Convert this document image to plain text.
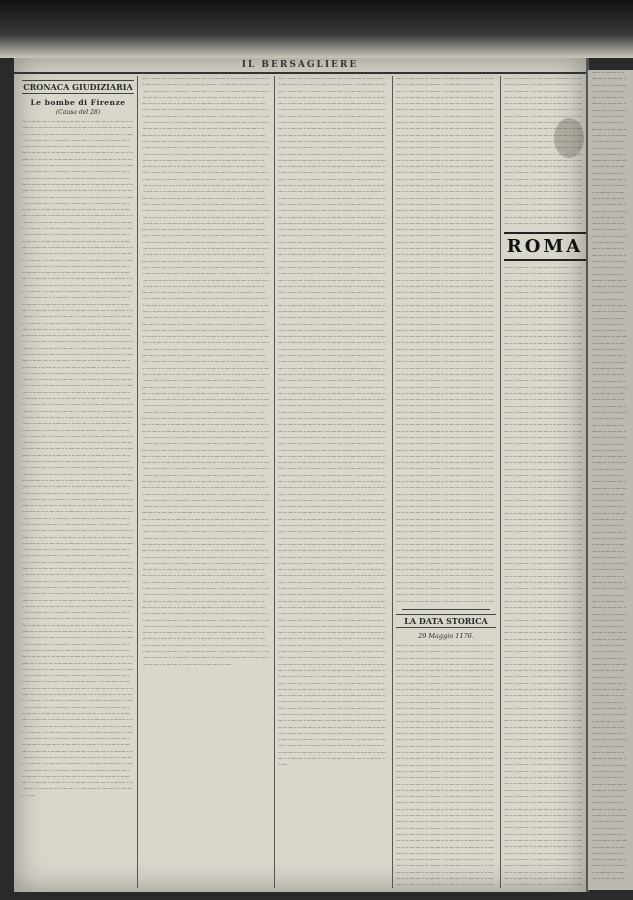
IL BERSAGLIERE
CRONACA GIUDIZIARIA
Le bombe di Firenze
(Causa del 28)
— – ‒ ― — – ‒ ― — – ‒ ― — – ‒ ― — – ‒ ― — – ‒ ― — – ‒ ― — – ‒ ― — – ‒ ― — – ‒ ― — – ‒ ― — – ‒ ― — – ‒ ― — – ‒ ― — – ‒ ― — – ‒ ― — – ‒ ― — – ‒ ― — – ‒ ― — – ‒ ― — – ‒ ― — – ‒ ― — – ‒ ― — – ‒ ― — – ‒ ― — – ‒ ― — – ‒ ― — – ‒ ― — – ‒ ― — – ‒ ― — – ‒ ― — – ‒ ― — – ‒ ― — – ‒ ― — – ‒ ― — – ‒ ― — – ‒ ― — – ‒ ― — – ‒ ― — – ‒ ― — – ‒ ― — – ‒ ― — – ‒ ― — – ‒ ― — – ‒ ― — – ‒ ― — – ‒ ― — – ‒ ― — – ‒ ― — – ‒ ― — – ‒ ― — – ‒ ― — – ‒ ― — – ‒ ― — – ‒ ― — – ‒ ― — – ‒ ― — – ‒ ― — – ‒ ― — – ‒ ― — – ‒ ― — – ‒ ― — – ‒ ― — – ‒ ― — – ‒ ― — – ‒ ― — – ‒ ― — – ‒ ― — – ‒ ― — – ‒ ― — – ‒ ― — – ‒ ― — – ‒ ― — – ‒ ― — – ‒ ― — – ‒ ― — – ‒ ― — – ‒ ― — – ‒ ― — – ‒ ― — – ‒ ― — – ‒ ― — – ‒ ― — – ‒ ― — – ‒ ― — – ‒ ― — – ‒ ― — – ‒ ― — – ‒ ― — – ‒ ― — – ‒ ― — – ‒ ― — – ‒ ― — – ‒ ― — – ‒ ― — – ‒ ― — – ‒ ― — – ‒ ― — – ‒ ― — – ‒ ― — – ‒ ― — – ‒ ― — – ‒ ― — – ‒ ― — – ‒ ― — – ‒ ― — – ‒ ― — – ‒ ― — – ‒ ― — – ‒ ― — – ‒ ― — – ‒ ― — – ‒ ― — – ‒ ― — – ‒ ― — – ‒ ― — – ‒ ― — – ‒ ― — – ‒ ― — – ‒ ― — – ‒ ― — – ‒ ― — – ‒ ― — – ‒ ― — – ‒ ― — – ‒ ― — – ‒ ― — – ‒ ― — – ‒ ― — – ‒ ― — – ‒ ― — – ‒ ― — – ‒ ― — – ‒ ― — – ‒ ― — – ‒ ― — – ‒ ― — – ‒ ― — – ‒ ― — – ‒ ― — – ‒ ― — – ‒ ― — – ‒ ― — – ‒ ― — – ‒ ― — – ‒ ― — – ‒ ― — – ‒ ― — – ‒ ― — – ‒ ― — – ‒ ― — – ‒ ― — – ‒ ― — – ‒ ― — – ‒ ― — – ‒ ― — – ‒ ― — – ‒ ― — – ‒ ― — – ‒ ― — – ‒ ― — – ‒ ― — – ‒ ― — – ‒ ― — – ‒ ― — – ‒ ― — – ‒ ― — – ‒ ― — – ‒ ― — – ‒ ― — – ‒ ― — – ‒ ― — – ‒ ― — – ‒ ― — – ‒ ― — – ‒ ― — – ‒ ― — – ‒ ― — – ‒ ― — – ‒ ― — – ‒ ― — – ‒ ― — – ‒ ― — – ‒ ― — – ‒ ― — – ‒ ― — – ‒ ― — – ‒ ― — – ‒ ― — – ‒ ― — – ‒ ― — – ‒ ― — – ‒ ― — – ‒ ― — – ‒ ― — – ‒ ― — – ‒ ― — – ‒ ― — – ‒ ― — – ‒ ― — – ‒ ― — – ‒ ― — – ‒ ― — – ‒ ― — – ‒ ― — – ‒ ― — – ‒ ― — – ‒ ― — – ‒ ― — – ‒ ― — – ‒ ― — – ‒ ― — – ‒ ― — – ‒ ― — – ‒ ― — – ‒ ― — – ‒ ― — – ‒ ― — – ‒ ― — – ‒ ― — – ‒ ― — – ‒ ― — – ‒ ― — – ‒ ― — – ‒ ― — – ‒ ― — – ‒ ― — – ‒ ― — – ‒ ― — – ‒ ― — – ‒ ― — – ‒ ― — – ‒ ― — – ‒ ― — – ‒ ― — – ‒ ― — – ‒ ― — – ‒ ― — – ‒ ― — – ‒ ― — – ‒ ― — – ‒ ― — – ‒ ― — – ‒ ― — – ‒ ― — – ‒ ― — – ‒ ― — – ‒ ― — – ‒ ― — – ‒ ― — – ‒ ― — – ‒ ― — – ‒ ― — – ‒ ― — – ‒ ― — – ‒ ― — – ‒ ― — – ‒ ― — – ‒ ― — – ‒ ― — – ‒ ― — – ‒ ― — – ‒ ― — – ‒ ― — – ‒ ― — – ‒ ― — – ‒ ― — – ‒ ― — – ‒ ― — – ‒ ― — – ‒ ― — – ‒ ― — – ‒ ― — – ‒ ― — – ‒ ― — – ‒ ― — – ‒ ― — – ‒ ― — – ‒ ― — – ‒ ― — – ‒ ― — – ‒ ― — – ‒ ― — – ‒ ― — – ‒ ― — – ‒ ― — – ‒ ― — – ‒ ― — – ‒ ― — – ‒ ― — – ‒ ― — – ‒ ― — – ‒ ― — – ‒ ― — – ‒ ― — – ‒ ― — – ‒ ― — – ‒ ― — – ‒ ― — – ‒ ― — – ‒ ― — – ‒ ― — – ‒ ― — – ‒ ― — – ‒ ― — – ‒ ― — – ‒ ― — – ‒ ― — – ‒ ― — – ‒ ― — – ‒ ― — – ‒ ― — – ‒ ― — – ‒ ― — – ‒ ― — – ‒ ― — – ‒ ― — – ‒ ― — – ‒ ― — – ‒ ― — – ‒ ― — – ‒ ― — – ‒ ― — – ‒ ― — – ‒ ― — – ‒ ― — – ‒ ― — – ‒ ― — – ‒ ― — – ‒ ― — – ‒ ― — – ‒ ― — – ‒ ― — – ‒ ― — – ‒ ― — – ‒ ― — – ‒ ― — – ‒ ― — – ‒ ― — – ‒ ― — – ‒ ― — – ‒ ― — – ‒ ― — – ‒ ― — – ‒ ― — – ‒ ― — – ‒ ― — – ‒ ― — – ‒ ― — – ‒ ― — – ‒ ― — – ‒ ― — – ‒ ― — – ‒ ― — – ‒ ― — – ‒ ― — – ‒ ― — – ‒ ― — – ‒ ― — – ‒ ― — – ‒ ― — – ‒ ― — – ‒ ― — – ‒ ― — – ‒ ― — – ‒ ― — – ‒ ― — – ‒ ― — – ‒ ― — – ‒ ― — – ‒ ― — – ‒ ― — – ‒ ― — – ‒ ― — – ‒ ― — – ‒ ― — – ‒ ― — – ‒ ― — – ‒ ― — – ‒ ― — – ‒ ― — – ‒ ― — – ‒ ― — – ‒ ― — – ‒ ― — – ‒ ― — – ‒ ― — – ‒ ― — – ‒ ― — – ‒ ― — – ‒ ― — – ‒ ― — – ‒ ― — – ‒ ― — – ‒ ― — – ‒ ― — – ‒ ― — – ‒ ― — – ‒ ― — – ‒ ― — – ‒ ― — – ‒ ― — – ‒ ― — – ‒ ― — – ‒ ― — – ‒ ― — – ‒ ― — – ‒ ― — – ‒ ― — – ‒ ― — – ‒ ― — – ‒ ― — – ‒ ― — – ‒ ― — – ‒ ― — – ‒ ― — – ‒ ― — – ‒ ― — – ‒ ― — – ‒ ― — – ‒ ― — – ‒ ― — – ‒ ― — – ‒ ― — – ‒ ― — – ‒ ― — – ‒ ― — – ‒ ― — – ‒ ― — – ‒ ― — – ‒ ― — – ‒ ― — – ‒ ― — – ‒ ― — – ‒ ― — – ‒ ― — – ‒ ― — – ‒ ― — – ‒ ― — – ‒ ― — – ‒ ― — – ‒ ― — – ‒ ― — – ‒ ― — – ‒ ― — – ‒ ― — – ‒ ― — – ‒ ― — – ‒ ― — – ‒ ― — – ‒ ― — – ‒ ― — – ‒ ― — – ‒ ― — – ‒ ― — – ‒ ― — – ‒ ― — – ‒ ― — – ‒ ― — – ‒ ― — – ‒ ― — – ‒ ― — – ‒ ― — – ‒ ― — – ‒ ― — – ‒ ― — – ‒ ― — – ‒ ― — – ‒ ― — – ‒ ― — – ‒ ― — – ‒ ― — – ‒ ― — – ‒ ― — – ‒ ― — – ‒ ― — – ‒ ― — – ‒ ― — – ‒ ― — – ‒ ― — – ‒ ― — – ‒ ― — – ‒ ― — – ‒ ― — – ‒ ― — – ‒ ― — – ‒ ― — – ‒ ― — – ‒ ― — – ‒ ― — – ‒ ― — – ‒ ― — – ‒ ― — – ‒ ― — – ‒ ― — – ‒ ― — – ‒ ― — – ‒ ― — – ‒ ― — – ‒ ― — – ‒ ― — – ‒ ― — – ‒ ― — – ‒ ― — – ‒ ― — – ‒ ― — – ‒ ― — – ‒ ― — – ‒ ― — – ‒ ― — – ‒ ― — – ‒ ― — – ‒ ― — – ‒ ― — – ‒ ― — – ‒ ― — – ‒ ― — – ‒ ― — – ‒ ― — – ‒ ― — – ‒ ― — – ‒ ― — – ‒ ― — – ‒ ― — – ‒ ― — – ‒ ― — – ‒ ― — – ‒ ― — – ‒ ― — – ‒ ― — – ‒ ― — – ‒ ― — – ‒ ― — – ‒ ― — – ‒ ― — – ‒ ― — – ‒ ― — – ‒ ― — – ‒ ― — – ‒ ― — – ‒ ― — – ‒ ― — – ‒ ― — – ‒ ― — – ‒ ― — – ‒ ― — – ‒ ― — – ‒ ― — – ‒ ― — – ‒ ― — – ‒ ― — – ‒ ― — – ‒ ― — – ‒ ― — – ‒ ― — – ‒ ― — – ‒ ― — – ‒ ― — – ‒ ― — – ‒ ― — – ‒ ― — – ‒ ― — – ‒ ― — – ‒ ― — – ‒ ― — – ‒ ― — – ‒ ― — – ‒ ― — – ‒ ― — – ‒ ― — – ‒ ― — – ‒ ― — – ‒ ― — – ‒ ― — – ‒ ― — – ‒ ― — – ‒ ― — – ‒ ― — – ‒ ― — – ‒ ― — – ‒ ― — – ‒ ― — – ‒ ― — – ‒ ― — – ‒ ― — – ‒ ― — – ‒ ― — – ‒ ― — – ‒ ― — – ‒ ― — – ‒ ― — – ‒ ― — – ‒ ― — – ‒ ― — – ‒ ― — – ‒ ― — – ‒ ― — – ‒ ― — – ‒ ― — – ‒ ― 
— – ‒ ― — – ‒ ― — – ‒ ― — – ‒ ― — – ‒ ― — – ‒ ― — – ‒ ― — – ‒ ― — – ‒ ― — – ‒ ― — – ‒ ― — – ‒ ― — – ‒ ― — – ‒ ― — – ‒ ― — – ‒ ― — – ‒ ― — – ‒ ― — – ‒ ― — – ‒ ― — – ‒ ― — – ‒ ― — – ‒ ― — – ‒ ― — – ‒ ― — – ‒ ― — – ‒ ― — – ‒ ― — – ‒ ― — – ‒ ― — – ‒ ― — – ‒ ― — – ‒ ― — – ‒ ― — – ‒ ― — – ‒ ― — – ‒ ― — – ‒ ― — – ‒ ― — – ‒ ― — – ‒ ― — – ‒ ― — – ‒ ― — – ‒ ― — – ‒ ― — – ‒ ― — – ‒ ― — – ‒ ― — – ‒ ― — – ‒ ― — – ‒ ― — – ‒ ― — – ‒ ― — – ‒ ― — – ‒ ― — – ‒ ― — – ‒ ― — – ‒ ― — – ‒ ― — – ‒ ― — – ‒ ― — – ‒ ― — – ‒ ― — – ‒ ― — – ‒ ― — – ‒ ― — – ‒ ― — – ‒ ― — – ‒ ― — – ‒ ― — – ‒ ― — – ‒ ― — – ‒ ― — – ‒ ― — – ‒ ― — – ‒ ― — – ‒ ― — – ‒ ― — – ‒ ― — – ‒ ― — – ‒ ― — – ‒ ― — – ‒ ― — – ‒ ― — – ‒ ― — – ‒ ― — – ‒ ― — – ‒ ― — – ‒ ― — – ‒ ― — – ‒ ― — – ‒ ― — – ‒ ― — – ‒ ― — – ‒ ― — – ‒ ― — – ‒ ― — – ‒ ― — – ‒ ― — – ‒ ― — – ‒ ― — – ‒ ― — – ‒ ― — – ‒ ― — – ‒ ― — – ‒ ― — – ‒ ― — – ‒ ― — – ‒ ― — – ‒ ― — – ‒ ― — – ‒ ― — – ‒ ― — – ‒ ― — – ‒ ― — – ‒ ― — – ‒ ― — – ‒ ― — – ‒ ― — – ‒ ― — – ‒ ― — – ‒ ― — – ‒ ― — – ‒ ― — – ‒ ― — – ‒ ― — – ‒ ― — – ‒ ― — – ‒ ― — – ‒ ― — – ‒ ― — – ‒ ― — – ‒ ― — – ‒ ― — – ‒ ― — – ‒ ― — – ‒ ― — – ‒ ― — – ‒ ― — – ‒ ― — – ‒ ― — – ‒ ― — – ‒ ― — – ‒ ― — – ‒ ― — – ‒ ― — – ‒ ― — – ‒ ― — – ‒ ― — – ‒ ― — – ‒ ― — – ‒ ― — – ‒ ― — – ‒ ― — – ‒ ― — – ‒ ― — – ‒ ― — – ‒ ― — – ‒ ― — – ‒ ― — – ‒ ― — – ‒ ― — – ‒ ― — – ‒ ― — – ‒ ― — – ‒ ― — – ‒ ― — – ‒ ― — – ‒ ― — – ‒ ― — – ‒ ― — – ‒ ― — – ‒ ― — – ‒ ― — – ‒ ― — – ‒ ― — – ‒ ― — – ‒ ― — – ‒ ― — – ‒ ― — – ‒ ― — – ‒ ― — – ‒ ― — – ‒ ― — – ‒ ― — – ‒ ― — – ‒ ― — – ‒ ― — – ‒ ― — – ‒ ― — – ‒ ― — – ‒ ― — – ‒ ― — – ‒ ― — – ‒ ― — – ‒ ― — – ‒ ― — – ‒ ― — – ‒ ― — – ‒ ― — – ‒ ― — – ‒ ― — – ‒ ― — – ‒ ― — – ‒ ― — – ‒ ― — – ‒ ― — – ‒ ― — – ‒ ― — – ‒ ― — – ‒ ― — – ‒ ― — – ‒ ― — – ‒ ― — – ‒ ― — – ‒ ― — – ‒ ― — – ‒ ― — – ‒ ― — – ‒ ― — – ‒ ― — – ‒ ― — – ‒ ― — – ‒ ― — – ‒ ― — – ‒ ― — – ‒ ― — – ‒ ― — – ‒ ― — – ‒ ― — – ‒ ― — – ‒ ― — – ‒ ― — – ‒ ― — – ‒ ― — – ‒ ― — – ‒ ― — – ‒ ― — – ‒ ― — – ‒ ― — – ‒ ― — – ‒ ― — – ‒ ― — – ‒ ― — – ‒ ― — – ‒ ― — – ‒ ― — – ‒ ― — – ‒ ― — – ‒ ― — – ‒ ― — – ‒ ― — – ‒ ― — – ‒ ― — – ‒ ― — – ‒ ― — – ‒ ― — – ‒ ― — – ‒ ― — – ‒ ― — – ‒ ― — – ‒ ― — – ‒ ― — – ‒ ― — – ‒ ― — – ‒ ― — – ‒ ― — – ‒ ― — – ‒ ― — – ‒ ― — – ‒ ― — – ‒ ― — – ‒ ― — – ‒ ― — – ‒ ― — – ‒ ― — – ‒ ― — – ‒ ― — – ‒ ― — – ‒ ― — – ‒ ― — – ‒ ― — – ‒ ― — – ‒ ― — – ‒ ― — – ‒ ― — – ‒ ― — – ‒ ― — – ‒ ― — – ‒ ― — – ‒ ― — – ‒ ― — – ‒ ― — – ‒ ― — – ‒ ― — – ‒ ― — – ‒ ― — – ‒ ― — – ‒ ― — – ‒ ― — – ‒ ― — – ‒ ― — – ‒ ― — – ‒ ― — – ‒ ― — – ‒ ― — – ‒ ― — – ‒ ― — – ‒ ― — – ‒ ― — – ‒ ― — – ‒ ― — – ‒ ― — – ‒ ― — – ‒ ― — – ‒ ― — – ‒ ― — – ‒ ― — – ‒ ― — – ‒ ― — – ‒ ― — – ‒ ― — – ‒ ― — – ‒ ― — – ‒ ― — – ‒ ― — – ‒ ― — – ‒ ― — – ‒ ― — – ‒ ― — – ‒ ― — – ‒ ― — – ‒ ― — – ‒ ― — – ‒ ― — – ‒ ― — – ‒ ― — – ‒ ― — – ‒ ― — – ‒ ― — – ‒ ― — – ‒ ― — – ‒ ― — – ‒ ― — – ‒ ― — – ‒ ― — – ‒ ― — – ‒ ― — – ‒ ― — – ‒ ― — – ‒ ― — – ‒ ― — – ‒ ― — – ‒ ― — – ‒ ― — – ‒ ― — – ‒ ― — – ‒ ― — – ‒ ― — – ‒ ― — – ‒ ― — – ‒ ― — – ‒ ― — – ‒ ― — – ‒ ― — – ‒ ― — – ‒ ― — – ‒ ― — – ‒ ― — – ‒ ― — – ‒ ― — – ‒ ― — – ‒ ― — – ‒ ― — – ‒ ― — – ‒ ― — – ‒ ― — – ‒ ― — – ‒ ― — – ‒ ― — – ‒ ― — – ‒ ― — – ‒ ― — – ‒ ― — – ‒ ― — – ‒ ― — – ‒ ― — – ‒ ― — – ‒ ― — – ‒ ― — – ‒ ― — – ‒ ― — – ‒ ― — – ‒ ― — – ‒ ― — – ‒ ― — – ‒ ― — – ‒ ― — – ‒ ― — – ‒ ― — – ‒ ― — – ‒ ― — – ‒ ― — – ‒ ― — – ‒ ― — – ‒ ― — – ‒ ― — – ‒ ― — – ‒ ― — – ‒ ― — – ‒ ― — – ‒ ― — – ‒ ― — – ‒ ― — – ‒ ― — – ‒ ― — – ‒ ― — – ‒ ― — – ‒ ― — – ‒ ― — – ‒ ― — – ‒ ― — – ‒ ― — – ‒ ― — – ‒ ― — – ‒ ― — – ‒ ― — – ‒ ― — – ‒ ― — – ‒ ― — – ‒ ― — – ‒ ― — – ‒ ― — – ‒ ― — – ‒ ― — – ‒ ― — – ‒ ― — – ‒ ― — – ‒ ― — – ‒ ― — – ‒ ― — – ‒ ― — – ‒ ― — – ‒ ― — – ‒ ― — – ‒ ― — – ‒ ― — – ‒ ― — – ‒ ― — – ‒ ― — – ‒ ― — – ‒ ― — – ‒ ― — – ‒ ― — – ‒ ― — – ‒ ― — – ‒ ― — – ‒ ― — – ‒ ― — – ‒ ― — – ‒ ― — – ‒ ― — – ‒ ― — – ‒ ― — – ‒ ― — – ‒ ― — – ‒ ― — – ‒ ― — – ‒ ― — – ‒ ― — – ‒ ― — – ‒ ― — – ‒ ― — – ‒ ― — – ‒ ― — – ‒ ― — – ‒ ― — – ‒ ― — – ‒ ― — – ‒ ― — – ‒ ― — – ‒ ― — – ‒ ― — – ‒ ― — – ‒ ― — – ‒ ― — – ‒ ― — – ‒ ― — – ‒ ― — – ‒ ― — – ‒ ― — – ‒ ― — – ‒ ― — – ‒ ― — – ‒ ― — – ‒ ― — – ‒ ― — – ‒ ― — – ‒ ― — – ‒ ― — – ‒ ― — – ‒ ― — – ‒ ― — – ‒ ― — – ‒ ― — – ‒ ― — – ‒ ― — – ‒ ― — – ‒ ― — – ‒ ― — – ‒ ― — – ‒ ― — – ‒ ― — – ‒ ― — – ‒ ― — – ‒ ― — – ‒ ― — – ‒ ― — – ‒ ― — – ‒ ― — – ‒ ― — – ‒ ― — – ‒ ― — – ‒ ― — – ‒ ― — – ‒ ― — – ‒ ― — – ‒ ― — – ‒ ― — – ‒ ― — – ‒ ― — – ‒ ― — – ‒ ― — – ‒ ― — – ‒ ― — – ‒ ― — – ‒ ― — – ‒ ― — – ‒ ― — – ‒ ― — – ‒ ― — – ‒ ― — – ‒ ― — – ‒ ― — – ‒ ― — – ‒ ― — – ‒ ― — – ‒ ― — – ‒ ― — – ‒ ― — – ‒ ― — – ‒ ― — – ‒ ― — – ‒ ― — – ‒ ― — – ‒ ― — – ‒ ― — – ‒ ― — – ‒ ― — – ‒ ― — – ‒ ― — – ‒ ― — – ‒ ― — – ‒ ― — – ‒ ― — – ‒ ― — – ‒ ― — – ‒ ― — – ‒ ― — – ‒ ― — – ‒ ― — – ‒ ― — – ‒ ― — – ‒ ― — – ‒ ― — – ‒ ― — – ‒ ― — – ‒ ― — – ‒ ― — – ‒ ― — – ‒ ― — – ‒ ― — – ‒ ― — – ‒ ― — – ‒ ― — – ‒ ― — – ‒ ― — – ‒ ― — – ‒ ― — – ‒ ― — – ‒ ― — – ‒ ― — – ‒ ― — – ‒ ― — – ‒ ― — – ‒ ― — – ‒ ― — – ‒ ― — – ‒ ― — – ‒ ― 
— – ‒ ― — – ‒ ― — – ‒ ― — – ‒ ― — – ‒ ― — – ‒ ― — – ‒ ― — – ‒ ― — – ‒ ― — – ‒ ― — – ‒ ― — – ‒ ― — – ‒ ― — – ‒ ― — – ‒ ― — – ‒ ― — – ‒ ― — – ‒ ― — – ‒ ― — – ‒ ― — – ‒ ― — – ‒ ― — – ‒ ― — – ‒ ― — – ‒ ― — – ‒ ― — – ‒ ― — – ‒ ― — – ‒ ― — – ‒ ― — – ‒ ― — – ‒ ― — – ‒ ― — – ‒ ― — – ‒ ― — – ‒ ― — – ‒ ― — – ‒ ― — – ‒ ― — – ‒ ― — – ‒ ― — – ‒ ― — – ‒ ― — – ‒ ― — – ‒ ― — – ‒ ― — – ‒ ― — – ‒ ― — – ‒ ― — – ‒ ― — – ‒ ― — – ‒ ― — – ‒ ― — – ‒ ― — – ‒ ― — – ‒ ― — – ‒ ― — – ‒ ― — – ‒ ― — – ‒ ― — – ‒ ― — – ‒ ― — – ‒ ― — – ‒ ― — – ‒ ― — – ‒ ― — – ‒ ― — – ‒ ― — – ‒ ― — – ‒ ― — – ‒ ― — – ‒ ― — – ‒ ― — – ‒ ― — – ‒ ― — – ‒ ― — – ‒ ― — – ‒ ― — – ‒ ― — – ‒ ― — – ‒ ― — – ‒ ― — – ‒ ― — – ‒ ― — – ‒ ― — – ‒ ― — – ‒ ― — – ‒ ― — – ‒ ― — – ‒ ― — – ‒ ― — – ‒ ― — – ‒ ― — – ‒ ― — – ‒ ― — – ‒ ― — – ‒ ― — – ‒ ― — – ‒ ― — – ‒ ― — – ‒ ― — – ‒ ― — – ‒ ― — – ‒ ― — – ‒ ― — – ‒ ― — – ‒ ― — – ‒ ― — – ‒ ― — – ‒ ― — – ‒ ― — – ‒ ― — – ‒ ― — – ‒ ― — – ‒ ― — – ‒ ― — – ‒ ― — – ‒ ― — – ‒ ― — – ‒ ― — – ‒ ― — – ‒ ― — – ‒ ― — – ‒ ― — – ‒ ― — – ‒ ― — – ‒ ― — – ‒ ― — – ‒ ― — – ‒ ― — – ‒ ― — – ‒ ― — – ‒ ― — – ‒ ― — – ‒ ― — – ‒ ― — – ‒ ― — – ‒ ― — – ‒ ― — – ‒ ― — – ‒ ― — – ‒ ― — – ‒ ― — – ‒ ― — – ‒ ― — – ‒ ― — – ‒ ― — – ‒ ― — – ‒ ― — – ‒ ― — – ‒ ― — – ‒ ― — – ‒ ― — – ‒ ― — – ‒ ― — – ‒ ― — – ‒ ― — – ‒ ― — – ‒ ― — – ‒ ― — – ‒ ― — – ‒ ― — – ‒ ― — – ‒ ― — – ‒ ― — – ‒ ― — – ‒ ― — – ‒ ― — – ‒ ― — – ‒ ― — – ‒ ― — – ‒ ― — – ‒ ― — – ‒ ― — – ‒ ― — – ‒ ― — – ‒ ― — – ‒ ― — – ‒ ― — – ‒ ― — – ‒ ― — – ‒ ― — – ‒ ― — – ‒ ― — – ‒ ― — – ‒ ― — – ‒ ― — – ‒ ― — – ‒ ― — – ‒ ― — – ‒ ― — – ‒ ― — – ‒ ― — – ‒ ― — – ‒ ― — – ‒ ― — – ‒ ― — – ‒ ― — – ‒ ― — – ‒ ― — – ‒ ― — – ‒ ― — – ‒ ― — – ‒ ― — – ‒ ― — – ‒ ― — – ‒ ― — – ‒ ― — – ‒ ― — – ‒ ― — – ‒ ― — – ‒ ― — – ‒ ― — – ‒ ― — – ‒ ― — – ‒ ― — – ‒ ― — – ‒ ― — – ‒ ― — – ‒ ― — – ‒ ― — – ‒ ― — – ‒ ― — – ‒ ― — – ‒ ― — – ‒ ― — – ‒ ― — – ‒ ― — – ‒ ― — – ‒ ― — – ‒ ― — – ‒ ― — – ‒ ― — – ‒ ― — – ‒ ― — – ‒ ― — – ‒ ― — – ‒ ― — – ‒ ― — – ‒ ― — – ‒ ― — – ‒ ― — – ‒ ― — – ‒ ― — – ‒ ― — – ‒ ― — – ‒ ― — – ‒ ― — – ‒ ― — – ‒ ― — – ‒ ― — – ‒ ― — – ‒ ― — – ‒ ― — – ‒ ― — – ‒ ― — – ‒ ― — – ‒ ― — – ‒ ― — – ‒ ― — – ‒ ― — – ‒ ― — – ‒ ― — – ‒ ― — – ‒ ― — – ‒ ― — – ‒ ― — – ‒ ― — – ‒ ― — – ‒ ― — – ‒ ― — – ‒ ― — – ‒ ― — – ‒ ― — – ‒ ― — – ‒ ― — – ‒ ― — – ‒ ― — – ‒ ― — – ‒ ― — – ‒ ― — – ‒ ― — – ‒ ― — – ‒ ― — – ‒ ― — – ‒ ― — – ‒ ― — – ‒ ― — – ‒ ― — – ‒ ― — – ‒ ― — – ‒ ― — – ‒ ― — – ‒ ― — – ‒ ― — – ‒ ― — – ‒ ― — – ‒ ― — – ‒ ― — – ‒ ― — – ‒ ― — – ‒ ― — – ‒ ― — – ‒ ― — – ‒ ― — – ‒ ― — – ‒ ― — – ‒ ― — – ‒ ― — – ‒ ― — – ‒ ― — – ‒ ― — – ‒ ― — – ‒ ― — – ‒ ― — – ‒ ― — – ‒ ― — – ‒ ― — – ‒ ― — – ‒ ― — – ‒ ― — – ‒ ― — – ‒ ― — – ‒ ― — – ‒ ― — – ‒ ― — – ‒ ― — – ‒ ― — – ‒ ― — – ‒ ― — – ‒ ― — – ‒ ― — – ‒ ― — – ‒ ― — – ‒ ― — – ‒ ― — – ‒ ― — – ‒ ― — – ‒ ― — – ‒ ― — – ‒ ― — – ‒ ― — – ‒ ― — – ‒ ― — – ‒ ― — – ‒ ― — – ‒ ― — – ‒ ― — – ‒ ― — – ‒ ― — – ‒ ― — – ‒ ― — – ‒ ― — – ‒ ― — – ‒ ― — – ‒ ― — – ‒ ― — – ‒ ― — – ‒ ― — – ‒ ― — – ‒ ― — – ‒ ― — – ‒ ― — – ‒ ― — – ‒ ― — – ‒ ― — – ‒ ― — – ‒ ― — – ‒ ― — – ‒ ― — – ‒ ― — – ‒ ― — – ‒ ― — – ‒ ― — – ‒ ― — – ‒ ― — – ‒ ― — – ‒ ― — – ‒ ― — – ‒ ― — – ‒ ― — – ‒ ― — – ‒ ― — – ‒ ― — – ‒ ― — – ‒ ― — – ‒ ― — – ‒ ― — – ‒ ― — – ‒ ― — – ‒ ― — – ‒ ― — – ‒ ― — – ‒ ― — – ‒ ― — – ‒ ― — – ‒ ― — – ‒ ― — – ‒ ― — – ‒ ― — – ‒ ― — – ‒ ― — – ‒ ― — – ‒ ― — – ‒ ― — – ‒ ― — – ‒ ― — – ‒ ― — – ‒ ― — – ‒ ― — – ‒ ― — – ‒ ― — – ‒ ― — – ‒ ― — – ‒ ― — – ‒ ― — – ‒ ― — – ‒ ― — – ‒ ― — – ‒ ― — – ‒ ― — – ‒ ― — – ‒ ― — – ‒ ― — – ‒ ― — – ‒ ― — – ‒ ― — – ‒ ― — – ‒ ― — – ‒ ― — – ‒ ― — – ‒ ― — – ‒ ― — – ‒ ― — – ‒ ― — – ‒ ― — – ‒ ― — – ‒ ― — – ‒ ― — – ‒ ― — – ‒ ― — – ‒ ― — – ‒ ― — – ‒ ― — – ‒ ― — – ‒ ― — – ‒ ― — – ‒ ― — – ‒ ― — – ‒ ― — – ‒ ― — – ‒ ― — – ‒ ― — – ‒ ― — – ‒ ― — – ‒ ― — – ‒ ― — – ‒ ― — – ‒ ― — – ‒ ― — – ‒ ― — – ‒ ― — – ‒ ― — – ‒ ― — – ‒ ― — – ‒ ― — – ‒ ― — – ‒ ― — – ‒ ― — – ‒ ― — – ‒ ― — – ‒ ― — – ‒ ― — – ‒ ― — – ‒ ― — – ‒ ― — – ‒ ― — – ‒ ― — – ‒ ― — – ‒ ― — – ‒ ― — – ‒ ― — – ‒ ― — – ‒ ― — – ‒ ― — – ‒ ― — – ‒ ― — – ‒ ― — – ‒ ― — – ‒ ― — – ‒ ― — – ‒ ― — – ‒ ― — – ‒ ― — – ‒ ― — – ‒ ― — – ‒ ― — – ‒ ― — – ‒ ― — – ‒ ― — – ‒ ― — – ‒ ― — – ‒ ― — – ‒ ― — – ‒ ― — – ‒ ― — – ‒ ― — – ‒ ― — – ‒ ― — – ‒ ― — – ‒ ― — – ‒ ― — – ‒ ― — – ‒ ― — – ‒ ― — – ‒ ― — – ‒ ― — – ‒ ― — – ‒ ― — – ‒ ― — – ‒ ― — – ‒ ― — – ‒ ― — – ‒ ― — – ‒ ― — – ‒ ― — – ‒ ― — – ‒ ― — – ‒ ― — – ‒ ― — – ‒ ― — – ‒ ― — – ‒ ― — – ‒ ― — – ‒ ― — – ‒ ― — – ‒ ― — – ‒ ― — – ‒ ― — – ‒ ― — – ‒ ― — – ‒ ― — – ‒ ― — – ‒ ― — – ‒ ― — – ‒ ― — – ‒ ― — – ‒ ― — – ‒ ― — – ‒ ― — – ‒ ― — – ‒ ― — – ‒ ― — – ‒ ― — – ‒ ― — – ‒ ― — – ‒ ― — – ‒ ― — – ‒ ― — – ‒ ― — – ‒ ― — – ‒ ― — – ‒ ― — – ‒ ― — – ‒ ― — – ‒ ― — – ‒ ― — – ‒ ― — – ‒ ― — – ‒ ― — – ‒ ― — – ‒ ― — – ‒ ― — – ‒ ― — – ‒ ― — – ‒ ― — – ‒ ― — – ‒ ― — – ‒ ― — – ‒ ― — – ‒ ― — – ‒ ― — – ‒ ― — – ‒ ― — – ‒ ― — – ‒ ― — – ‒ ― — – ‒ ― — – ‒ ― — – ‒ ― — – ‒ ― — – ‒ ― — – ‒ ― — – ‒ ― — – ‒ ― — – ‒ ― — – ‒ ― — – ‒ ― — – ‒ ― — – ‒ ― 
— – ‒ ― — – ‒ ― — – ‒ ― — – ‒ ― — – ‒ ― — – ‒ ― — – ‒ ― — – ‒ ― — – ‒ ― — – ‒ ― — – ‒ ― — – ‒ ― — – ‒ ― — – ‒ ― — – ‒ ― — – ‒ ― — – ‒ ― — – ‒ ― — – ‒ ― — – ‒ ― — – ‒ ― — – ‒ ― — – ‒ ― — – ‒ ― — – ‒ ― — – ‒ ― — – ‒ ― — – ‒ ― — – ‒ ― — – ‒ ― — – ‒ ― — – ‒ ― — – ‒ ― — – ‒ ― — – ‒ ― — – ‒ ― — – ‒ ― — – ‒ ― — – ‒ ― — – ‒ ― — – ‒ ― — – ‒ ― — – ‒ ― — – ‒ ― — – ‒ ― — – ‒ ― — – ‒ ― — – ‒ ― — – ‒ ― — – ‒ ― — – ‒ ― — – ‒ ― — – ‒ ― — – ‒ ― — – ‒ ― — – ‒ ― — – ‒ ― — – ‒ ― — – ‒ ― — – ‒ ― — – ‒ ― — – ‒ ― — – ‒ ― — – ‒ ― — – ‒ ― — – ‒ ― — – ‒ ― — – ‒ ― — – ‒ ― — – ‒ ― — – ‒ ― — – ‒ ― — – ‒ ― — – ‒ ― — – ‒ ― — – ‒ ― — – ‒ ― — – ‒ ― — – ‒ ― — – ‒ ― — – ‒ ― — – ‒ ― — – ‒ ― — – ‒ ― — – ‒ ― — – ‒ ― — – ‒ ― — – ‒ ― — – ‒ ― — – ‒ ― — – ‒ ― — – ‒ ― — – ‒ ― — – ‒ ― — – ‒ ― — – ‒ ― — – ‒ ― — – ‒ ― — – ‒ ― — – ‒ ― — – ‒ ― — – ‒ ― — – ‒ ― — – ‒ ― — – ‒ ― — – ‒ ― — – ‒ ― — – ‒ ― — – ‒ ― — – ‒ ― — – ‒ ― — – ‒ ― — – ‒ ― — – ‒ ― — – ‒ ― — – ‒ ― — – ‒ ― — – ‒ ― — – ‒ ― — – ‒ ― — – ‒ ― — – ‒ ― — – ‒ ― — – ‒ ― — – ‒ ― — – ‒ ― — – ‒ ― — – ‒ ― — – ‒ ― — – ‒ ― — – ‒ ― — – ‒ ― — – ‒ ― — – ‒ ― — – ‒ ― — – ‒ ― — – ‒ ― — – ‒ ― — – ‒ ― — – ‒ ― — – ‒ ― — – ‒ ― — – ‒ ― — – ‒ ― — – ‒ ― — – ‒ ― — – ‒ ― — – ‒ ― — – ‒ ― — – ‒ ― — – ‒ ― — – ‒ ― — – ‒ ― — – ‒ ― — – ‒ ― — – ‒ ― — – ‒ ― — – ‒ ― — – ‒ ― — – ‒ ― — – ‒ ― — – ‒ ― — – ‒ ― — – ‒ ― — – ‒ ― — – ‒ ― — – ‒ ― — – ‒ ― — – ‒ ― — – ‒ ― — – ‒ ― — – ‒ ― — – ‒ ― — – ‒ ― — – ‒ ― — – ‒ ― — – ‒ ― — – ‒ ― — – ‒ ― — – ‒ ― — – ‒ ― — – ‒ ― — – ‒ ― — – ‒ ― — – ‒ ― — – ‒ ― — – ‒ ― — – ‒ ― — – ‒ ― — – ‒ ― — – ‒ ― — – ‒ ― — – ‒ ― — – ‒ ― — – ‒ ― — – ‒ ― — – ‒ ― — – ‒ ― — – ‒ ― — – ‒ ― — – ‒ ― — – ‒ ― — – ‒ ― — – ‒ ― — – ‒ ― — – ‒ ― — – ‒ ― — – ‒ ― — – ‒ ― — – ‒ ― — – ‒ ― — – ‒ ― — – ‒ ― — – ‒ ― — – ‒ ― — – ‒ ― — – ‒ ― — – ‒ ― — – ‒ ― — – ‒ ― — – ‒ ― — – ‒ ― — – ‒ ― — – ‒ ― — – ‒ ― — – ‒ ― — – ‒ ― — – ‒ ― — – ‒ ― — – ‒ ― — – ‒ ― — – ‒ ― — – ‒ ― — – ‒ ― — – ‒ ― — – ‒ ― — – ‒ ― — – ‒ ― — – ‒ ― — – ‒ ― — – ‒ ― — – ‒ ― — – ‒ ― — – ‒ ― — – ‒ ― — – ‒ ― — – ‒ ― — – ‒ ― — – ‒ ― — – ‒ ― — – ‒ ― — – ‒ ― — – ‒ ― — – ‒ ― — – ‒ ― — – ‒ ― — – ‒ ― — – ‒ ― — – ‒ ― — – ‒ ― — – ‒ ― — – ‒ ― — – ‒ ― — – ‒ ― — – ‒ ― — – ‒ ― — – ‒ ― — – ‒ ― — – ‒ ― — – ‒ ― — – ‒ ― — – ‒ ― — – ‒ ― — – ‒ ― — – ‒ ― — – ‒ ― — – ‒ ― — – ‒ ― — – ‒ ― — – ‒ ― — – ‒ ― — – ‒ ― — – ‒ ― — – ‒ ― — – ‒ ― — – ‒ ― — – ‒ ― — – ‒ ― — – ‒ ― — – ‒ ― — – ‒ ― — – ‒ ― — – ‒ ― — – ‒ ― — – ‒ ― — – ‒ ― — – ‒ ― — – ‒ ― — – ‒ ― — – ‒ ― — – ‒ ― — – ‒ ― — – ‒ ― — – ‒ ― — – ‒ ― — – ‒ ― — – ‒ ― — – ‒ ― — – ‒ ― — – ‒ ― — – ‒ ― — – ‒ ― — – ‒ ― — – ‒ ― — – ‒ ― — – ‒ ― — – ‒ ― — – ‒ ― — – ‒ ― — – ‒ ― — – ‒ ― — – ‒ ― — – ‒ ― — – ‒ ― — – ‒ ― — – ‒ ― — – ‒ ― — – ‒ ― — – ‒ ― — – ‒ ― — – ‒ ― — – ‒ ― — – ‒ ― — – ‒ ― — – ‒ ― — – ‒ ― — – ‒ ― — – ‒ ― — – ‒ ― — – ‒ ― — – ‒ ― — – ‒ ― — – ‒ ― — – ‒ ― — – ‒ ― — – ‒ ― — – ‒ ― — – ‒ ― — – ‒ ― — – ‒ ― — – ‒ ― — – ‒ ― — – ‒ ― — – ‒ ― — – ‒ ― — – ‒ ― — – ‒ ― — – ‒ ― — – ‒ ― — – ‒ ― — – ‒ ― — – ‒ ― — – ‒ ― — – ‒ ― — – ‒ ― — – ‒ ― — – ‒ ― — – ‒ ― — – ‒ ― — – ‒ ― — – ‒ ― — – ‒ ― — – ‒ ― — – ‒ ― — – ‒ ― — – ‒ ― — – ‒ ― — – ‒ ― — – ‒ ― — – ‒ ― — – ‒ ― — – ‒ ― — – ‒ ― — – ‒ ― — – ‒ ― — – ‒ ― — – ‒ ― — – ‒ ― — – ‒ ― — – ‒ ― — – ‒ ― — – ‒ ― — – ‒ ― — – ‒ ― — – ‒ ― — – ‒ ― — – ‒ ― — – ‒ ― — – ‒ ― — – ‒ ― — – ‒ ― — – ‒ ― — – ‒ ― — – ‒ ― — – ‒ ― — – ‒ ― — – ‒ ― — – ‒ ― — – ‒ ― — – ‒ ― — – ‒ ― — – ‒ ― — – ‒ ― — – ‒ ― — – ‒ ― — – ‒ ― — – ‒ ― — – ‒ ― — – ‒ ― — – ‒ ―                                                                                                                                                                                                                                                                                                                                                                                                                                                                                                                                                                                                                                                                                                                                                 
LA DATA STORICA
29 Maggio 1176.
— – ‒ ― — – ‒ ― — – ‒ ― — – ‒ ― — – ‒ ― — – ‒ ― — – ‒ ― — – ‒ ― — – ‒ ― — – ‒ ― — – ‒ ― — – ‒ ― — – ‒ ― — – ‒ ― — – ‒ ― — – ‒ ― — – ‒ ― — – ‒ ― — – ‒ ― — – ‒ ― — – ‒ ― — – ‒ ― — – ‒ ― — – ‒ ― — – ‒ ― — – ‒ ― — – ‒ ― — – ‒ ― — – ‒ ― — – ‒ ― — – ‒ ― — – ‒ ― — – ‒ ― — – ‒ ― — – ‒ ― — – ‒ ― — – ‒ ― — – ‒ ― — – ‒ ― — – ‒ ― — – ‒ ― — – ‒ ― — – ‒ ― — – ‒ ― — – ‒ ― — – ‒ ― — – ‒ ― — – ‒ ― — – ‒ ― — – ‒ ― — – ‒ ― — – ‒ ― — – ‒ ― — – ‒ ― — – ‒ ― — – ‒ ― — – ‒ ― — – ‒ ― — – ‒ ― — – ‒ ― — – ‒ ― — – ‒ ― — – ‒ ― — – ‒ ― — – ‒ ― — – ‒ ― — – ‒ ― — – ‒ ― — – ‒ ― — – ‒ ― — – ‒ ― — – ‒ ― — – ‒ ― — – ‒ ― — – ‒ ― — – ‒ ― — – ‒ ― — – ‒ ― — – ‒ ― — – ‒ ― — – ‒ ― — – ‒ ― — – ‒ ― — – ‒ ― — – ‒ ― — – ‒ ― — – ‒ ― — – ‒ ― — – ‒ ― — – ‒ ― — – ‒ ― — – ‒ ― — – ‒ ― — – ‒ ― — – ‒ ― — – ‒ ― — – ‒ ― — – ‒ ― — – ‒ ― — – ‒ ― — – ‒ ― — – ‒ ― — – ‒ ― — – ‒ ― — – ‒ ― — – ‒ ― — – ‒ ― — – ‒ ― — – ‒ ― — – ‒ ― — – ‒ ― — – ‒ ― — – ‒ ― — – ‒ ― — – ‒ ― — – ‒ ― — – ‒ ― — – ‒ ― — – ‒ ― — – ‒ ― — – ‒ ― — – ‒ ― — – ‒ ― — – ‒ ― — – ‒ ― — – ‒ ― — – ‒ ― — – ‒ ― — – ‒ ― — – ‒ ― — – ‒ ― — – ‒ ― — – ‒ ― — – ‒ ― — – ‒ ― — – ‒ ― — – ‒ ― — – ‒ ― — – ‒ ― — – ‒ ― — – ‒ ― — – ‒ ― — – ‒ ― — – ‒ ― — – ‒ ― — – ‒ ― — – ‒ ― — – ‒ ― — – ‒ ― — – ‒ ― — – ‒ ― — – ‒ ― — – ‒ ― — – ‒ ― — – ‒ ― — – ‒ ― — – ‒ ― — – ‒ ― — – ‒ ― — – ‒ ― — – ‒ ― — – ‒ ― — – ‒ ― — – ‒ ― — – ‒ ― — – ‒ ― — – ‒ ― — – ‒ ― — – ‒ ― — – ‒ ― — – ‒ ― — – ‒ ― — – ‒ ― — – ‒ ― — – ‒ ― — – ‒ ― — – ‒ ― — – ‒ ― — – ‒ ― — – ‒ ― — – ‒ ― — – ‒ ― — – ‒ ― — – ‒ ― — – ‒ ― — – ‒ ― — – ‒ ― — – ‒ ― — – ‒ ― — – ‒ ― — – ‒ ― — – ‒ ― — – ‒ ― — – ‒ ― — – ‒ ―                                                                                                                                                                                                                                                                                                                                                                                                                                                                                                                                                                                                                                                                                                                                                                                                                                                                                                                                                                                                                                                                                                                                                                                                                                                                                                                                                                                                                                                                                                                                                                                                                                                                                     
— – ‒ ― — – ‒ ― — – ‒ ― — – ‒ ― — – ‒ ― — – ‒ ― — – ‒ ― — – ‒ ― — – ‒ ― — – ‒ ― — – ‒ ― — – ‒ ― — – ‒ ― — – ‒ ― — – ‒ ― — – ‒ ― — – ‒ ― — – ‒ ― — – ‒ ― — – ‒ ― — – ‒ ― — – ‒ ― — – ‒ ― — – ‒ ― — – ‒ ― — – ‒ ― — – ‒ ― — – ‒ ― — – ‒ ― — – ‒ ― — – ‒ ― — – ‒ ― — – ‒ ― — – ‒ ― — – ‒ ― — – ‒ ― — – ‒ ― — – ‒ ― — – ‒ ― — – ‒ ― — – ‒ ― — – ‒ ― — – ‒ ― — – ‒ ― — – ‒ ― — – ‒ ― — – ‒ ― — – ‒ ― — – ‒ ― — – ‒ ― — – ‒ ― — – ‒ ― — – ‒ ― — – ‒ ― — – ‒ ― — – ‒ ― — – ‒ ― — – ‒ ― — – ‒ ― — – ‒ ― — – ‒ ― — – ‒ ― — – ‒ ― — – ‒ ― — – ‒ ― — – ‒ ― — – ‒ ― — – ‒ ― — – ‒ ― — – ‒ ― — – ‒ ― — – ‒ ― — – ‒ ― — – ‒ ― — – ‒ ― — – ‒ ― — – ‒ ― — – ‒ ― — – ‒ ― — – ‒ ― — – ‒ ― — – ‒ ― — – ‒ ― — – ‒ ― — – ‒ ― — – ‒ ― — – ‒ ― — – ‒ ― — – ‒ ― — – ‒ ― — – ‒ ― — – ‒ ― — – ‒ ― — – ‒ ― — – ‒ ― — – ‒ ―                                                                                                                                                                                                                                                                                                                                                                                                                                                                                                                                                                                                                                                                                                                                                                                                                                                                                                                                                                                                                                                                                                                                                                                                                                                                                                                                                                                                                                                                                                                                                                                                                                                                                                                                                                                                                                                                                                                                                                                                                                                                                                 
ROMA
— – ‒ ― — – ‒ ― — – ‒ ― — – ‒ ― — – ‒ ― — – ‒ ― — – ‒ ― — – ‒ ― — – ‒ ― — – ‒ ― — – ‒ ― — – ‒ ― — – ‒ ― — – ‒ ― — – ‒ ― — – ‒ ― — – ‒ ― — – ‒ ― — – ‒ ― — – ‒ ― — – ‒ ― — – ‒ ― — – ‒ ― — – ‒ ― — – ‒ ― — – ‒ ― — – ‒ ― — – ‒ ― — – ‒ ― — – ‒ ― — – ‒ ― — – ‒ ― — – ‒ ― — – ‒ ― — – ‒ ― — – ‒ ― — – ‒ ― — – ‒ ― — – ‒ ― — – ‒ ― — – ‒ ― — – ‒ ― — – ‒ ― — – ‒ ― — – ‒ ― — – ‒ ― — – ‒ ― — – ‒ ― — – ‒ ― — – ‒ ― — – ‒ ― — – ‒ ― — – ‒ ― — – ‒ ― — – ‒ ― — – ‒ ― — – ‒ ― — – ‒ ― — – ‒ ― — – ‒ ― — – ‒ ― — – ‒ ― — – ‒ ― — – ‒ ― — – ‒ ― — – ‒ ― — – ‒ ― — – ‒ ― — – ‒ ― — – ‒ ― — – ‒ ― — – ‒ ― — – ‒ ― — – ‒ ― — – ‒ ― — – ‒ ― — – ‒ ― — – ‒ ― — – ‒ ― — – ‒ ― — – ‒ ― — – ‒ ― — – ‒ ― — – ‒ ― — – ‒ ― — – ‒ ― — – ‒ ― — – ‒ ― — – ‒ ― — – ‒ ― — – ‒ ― — – ‒ ― — – ‒ ― — – ‒ ― — – ‒ ― — – ‒ ― — – ‒ ― — – ‒ ― — – ‒ ― — – ‒ ― — – ‒ ― — – ‒ ― — – ‒ ― — – ‒ ― — – ‒ ― — – ‒ ― — – ‒ ― — – ‒ ― — – ‒ ― — – ‒ ― — – ‒ ― — – ‒ ― — – ‒ ― — – ‒ ― — – ‒ ― — – ‒ ― — – ‒ ― — – ‒ ― — – ‒ ― — – ‒ ― — – ‒ ― — – ‒ ― — – ‒ ― — – ‒ ― — – ‒ ― — – ‒ ― — – ‒ ― — – ‒ ― — – ‒ ― — – ‒ ― — – ‒ ― — – ‒ ― — – ‒ ― — – ‒ ― — – ‒ ― — – ‒ ― — – ‒ ― — – ‒ ― — – ‒ ― — – ‒ ― — – ‒ ― — – ‒ ― — – ‒ ― — – ‒ ― — – ‒ ― — – ‒ ― — – ‒ ― — – ‒ ― — – ‒ ― — – ‒ ― — – ‒ ― — – ‒ ― — – ‒ ― — – ‒ ― — – ‒ ― — – ‒ ― — – ‒ ― — – ‒ ― — – ‒ ― — – ‒ ― — – ‒ ― — – ‒ ― — – ‒ ― — – ‒ ― — – ‒ ― — – ‒ ― — – ‒ ― — – ‒ ― — – ‒ ― — – ‒ ― — – ‒ ― — – ‒ ― — – ‒ ― — – ‒ ― — – ‒ ― — – ‒ ― — – ‒ ― — – ‒ ― — – ‒ ― — – ‒ ― — – ‒ ― — – ‒ ― — – ‒ ― — – ‒ ― — – ‒ ― — – ‒ ― — – ‒ ― — – ‒ ― — – ‒ ― — – ‒ ― — – ‒ ― — – ‒ ― — – ‒ ― — – ‒ ― — – ‒ ― — – ‒ ― — – ‒ ― — – ‒ ― — – ‒ ― — – ‒ ― — – ‒ ― — – ‒ ― — – ‒ ― — – ‒ ― — – ‒ ― — – ‒ ― — – ‒ ― — – ‒ ― — – ‒ ― — – ‒ ― — – ‒ ― — – ‒ ― — – ‒ ― — – ‒ ― — – ‒ ― — – ‒ ― — – ‒ ― — – ‒ ― — – ‒ ― — – ‒ ― — – ‒ ― — – ‒ ― — – ‒ ― — – ‒ ― — – ‒ ― — – ‒ ― — – ‒ ― — – ‒ ― — – ‒ ― — – ‒ ― — – ‒ ― — – ‒ ― — – ‒ ― — – ‒ ― — – ‒ ― — – ‒ ― — – ‒ ― — – ‒ ― — – ‒ ― — – ‒ ― — – ‒ ― — – ‒ ― — – ‒ ― — – ‒ ― — – ‒ ― — – ‒ ― — – ‒ ― — – ‒ ― — – ‒ ― — – ‒ ― — – ‒ ― — – ‒ ― — – ‒ ― — – ‒ ― — – ‒ ― — – ‒ ― — – ‒ ― — – ‒ ― — – ‒ ― — – ‒ ― — – ‒ ― — – ‒ ― — – ‒ ― — – ‒ ― — – ‒ ― — – ‒ ― — – ‒ ― — – ‒ ― — – ‒ ― — – ‒ ― — – ‒ ― — – ‒ ― — – ‒ ― — – ‒ ― — – ‒ ― — – ‒ ― — – ‒ ― — – ‒ ― — – ‒ ― — – ‒ ― — – ‒ ― — – ‒ ― — – ‒ ― — – ‒ ― — – ‒ ― — – ‒ ― — – ‒ ― — – ‒ ― — – ‒ ― — – ‒ ― — – ‒ ― — – ‒ ― — – ‒ ― — – ‒ ― — – ‒ ― — – ‒ ― — – ‒ ― — – ‒ ― — – ‒ ― — – ‒ ― — – ‒ ― — – ‒ ― — – ‒ ― — – ‒ ― — – ‒ ― — – ‒ ― — – ‒ ― — – ‒ ― — – ‒ ― — – ‒ ― — – ‒ ― — – ‒ ― — – ‒ ― — – ‒ ― — – ‒ ― — – ‒ ― — – ‒ ― — – ‒ ― — – ‒ ― — – ‒ ― — – ‒ ― — – ‒ ― — – ‒ ― — – ‒ ― — – ‒ ― — – ‒ ― — – ‒ ― — – ‒ ― — – ‒ ― — – ‒ ― — – ‒ ― — – ‒ ― — – ‒ ― — – ‒ ― — – ‒ ― — – ‒ ― — – ‒ ― — – ‒ ― — – ‒ ― — – ‒ ― — – ‒ ― — – ‒ ― — – ‒ ― — – ‒ ― — – ‒ ― — – ‒ ― — – ‒ ― — – ‒ ― — – ‒ ― — – ‒ ― — – ‒ ― — – ‒ ― — – ‒ ― — – ‒ ― — – ‒ ― — – ‒ ― — – ‒ ― — – ‒ ― — – ‒ ― — – ‒ ― — – ‒ ― — – ‒ ― — – ‒ ― — – ‒ ― — – ‒ ― — – ‒ ― — – ‒ ― — – ‒ ― — – ‒ ― — – ‒ ― — – ‒ ― — – ‒ ― — – ‒ ― — – ‒ ― — – ‒ ― — – ‒ ― — – ‒ ― — – ‒ ― — – ‒ ― — – ‒ ― — – ‒ ― — – ‒ ― — – ‒ ― — – ‒ ― — – ‒ ― — – ‒ ― — – ‒ ― — – ‒ ― — – ‒ ― — – ‒ ― — – ‒ ― — – ‒ ― — – ‒ ― — – ‒ ― — – ‒ ― — – ‒ ―                                                                                                                                                                                                                                                                                                                                                                                                                                                                                                                                                                                                                                                                                                                                                                                                                                                 
— – ‒ ― — – ‒ ― — – ‒ ― — – ‒ ― — – ‒ ― — – ‒ ― — – ‒ ― — – ‒ ― — – ‒ ― — – ‒ ― — – ‒ ― — – ‒ ― — – ‒ ― — – ‒ ― — – ‒ ― — – ‒ ― — – ‒ ― — – ‒ ― — – ‒ ― — – ‒ ― — – ‒ ― — – ‒ ― — – ‒ ― — – ‒ ― — – ‒ ― — – ‒ ― — – ‒ ― — – ‒ ― — – ‒ ― — – ‒ ― — – ‒ ― — – ‒ ― — – ‒ ― — – ‒ ― — – ‒ ― — – ‒ ― — – ‒ ― — – ‒ ― — – ‒ ― — – ‒ ― — – ‒ ― — – ‒ ― — – ‒ ― — – ‒ ― — – ‒ ― — – ‒ ― — – ‒ ― — – ‒ ― — – ‒ ― — – ‒ ― — – ‒ ― — – ‒ ― — – ‒ ― — – ‒ ― — – ‒ ― — – ‒ ― — – ‒ ― — – ‒ ― — – ‒ ― — – ‒ ― — – ‒ ― — – ‒ ― — – ‒ ― — – ‒ ― — – ‒ ― — – ‒ ― — – ‒ ― — – ‒ ― — – ‒ ― — – ‒ ― — – ‒ ― — – ‒ ― — – ‒ ― — – ‒ ― — – ‒ ― — – ‒ ― — – ‒ ― — – ‒ ― — – ‒ ― — – ‒ ― — – ‒ ― — – ‒ ― — – ‒ ― — – ‒ ― — – ‒ ― — – ‒ ― — – ‒ ― — – ‒ ― — – ‒ ― — – ‒ ― — – ‒ ― — – ‒ ― — – ‒ ― — – ‒ ― — – ‒ ― — – ‒ ― — – ‒ ― — – ‒ ― — – ‒ ― — – ‒ ― — – ‒ ― — – ‒ ― — – ‒ ― — – ‒ ― — – ‒ ― — – ‒ ― — – ‒ ― — – ‒ ― — – ‒ ― — – ‒ ― — – ‒ ― — – ‒ ― — – ‒ ― — – ‒ ― — – ‒ ― — – ‒ ― — – ‒ ― — – ‒ ― — – ‒ ― — – ‒ ― — – ‒ ― — – ‒ ― — – ‒ ― — – ‒ ― — – ‒ ― — – ‒ ― — – ‒ ― — – ‒ ― — – ‒ ― — – ‒ ― — – ‒ ― — – ‒ ― — – ‒ ― — – ‒ ― — – ‒ ― — – ‒ ― — – ‒ ― — – ‒ ― — – ‒ ― — – ‒ ― — – ‒ ― — – ‒ ― — – ‒ ― — – ‒ ― — – ‒ ― — – ‒ ― — – ‒ ― — – ‒ ― — – ‒ ― — – ‒ ― — – ‒ ― — – ‒ ― — – ‒ ― — – ‒ ― — – ‒ ― — – ‒ ― — – ‒ ― — – ‒ ― — – ‒ ― — – ‒ ― — – ‒ ― — – ‒ ― — – ‒ ― — – ‒ ― — – ‒ ― — – ‒ ― — – ‒ ― — – ‒ ― — – ‒ ― — – ‒ ― — – ‒ ― — – ‒ ― — – ‒ ― — – ‒ ― — – ‒ ― — – ‒ ― — – ‒ ― — – ‒ ― — – ‒ ― — – ‒ ― — – ‒ ― — – ‒ ― — – ‒ ― — – ‒ ― — – ‒ ― — – ‒ ― — – ‒ ― — – ‒ ― — – ‒ ― — – ‒ ― — – ‒ ― — – ‒ ― — – ‒ ― — – ‒ ― — – ‒ ― — – ‒ ― — – ‒ ― — – ‒ ― — – ‒ ― — – ‒ ― — – ‒ ― — – ‒ ― — – ‒ ― — – ‒ ― — – ‒ ― — – ‒ ― — – ‒ ― — – ‒ ― — – ‒ ― — – ‒ ― — – ‒ ― — – ‒ ― — – ‒ ― — – ‒ ― — – ‒ ― — – ‒ ― — – ‒ ― — – ‒ ― — – ‒ ― — – ‒ ― — – ‒ ― — – ‒ ― — – ‒ ― — – ‒ ― — – ‒ ― — – ‒                                                                                                                                                                                                                                                                                                                                                                                                                                                                                                                                                                                                                                                                                                                                                                                                                                                                                                                                                                                                                                                                                                                                                                                                                                                                                                                                                                                                                                                                                                                                                          
